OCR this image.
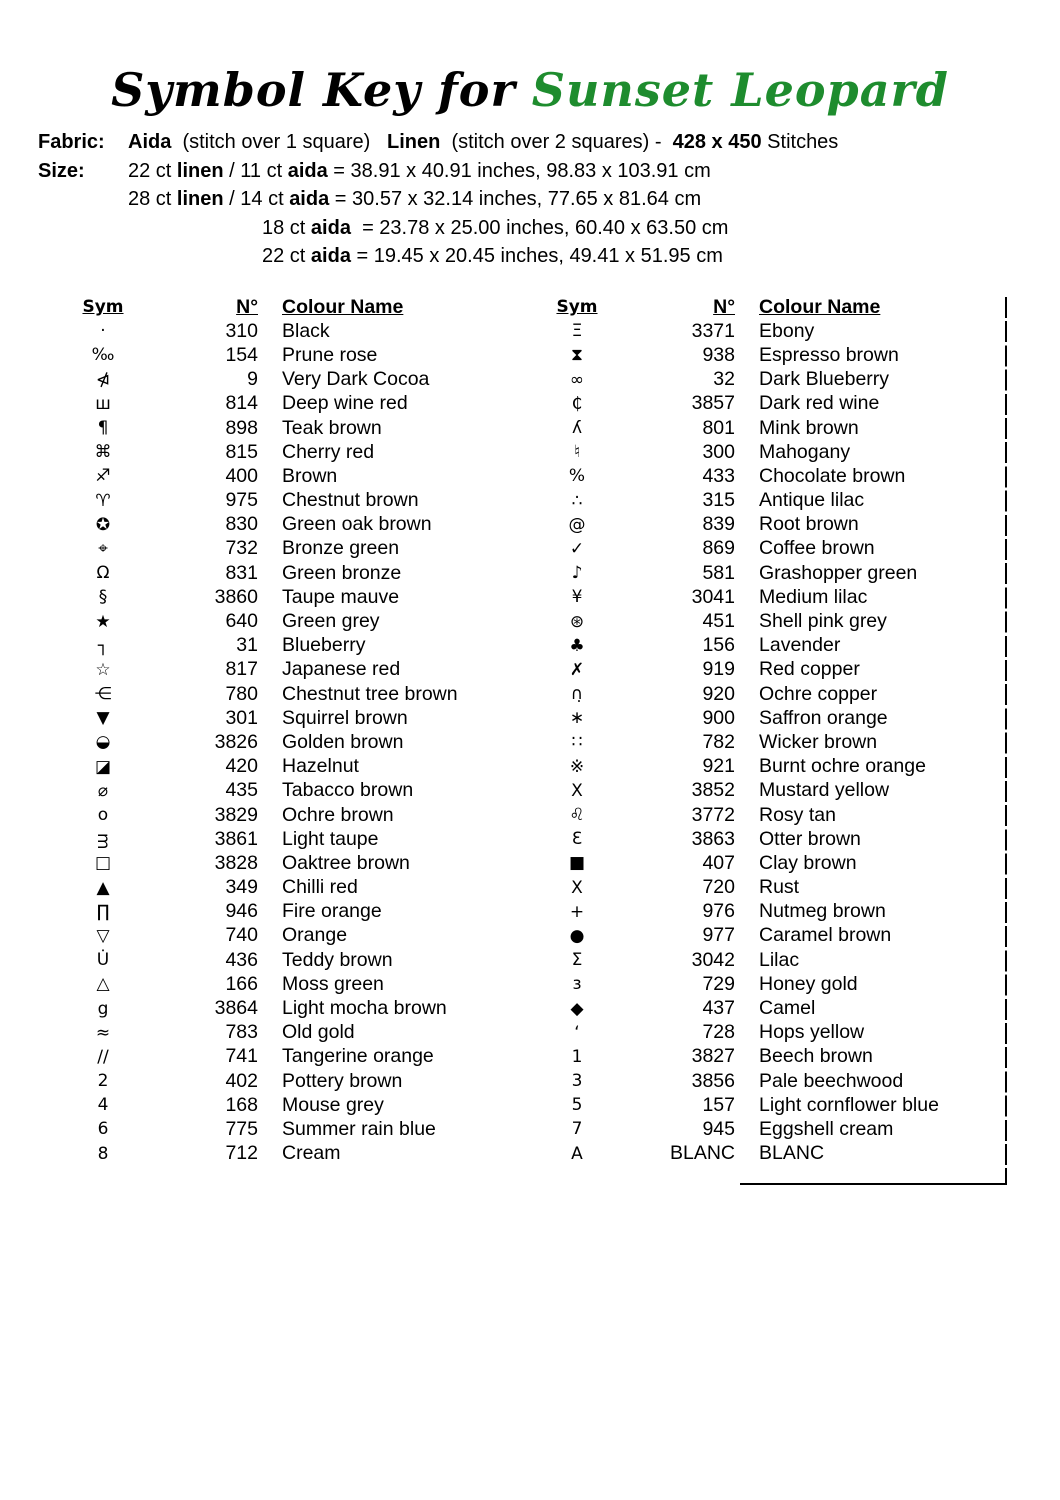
Symbol Key for Sunset Leopard
Fabric:	Aida  (stitch over 1 square)   Linen  (stitch over 2 squares) -  428 x 450 Stitches
Size:	22 ct linen / 11 ct aida = 38.91 x 40.91 inches, 98.83 x 103.91 cm
28 ct linen / 14 ct aida = 30.57 x 32.14 inches, 77.65 x 81.64 cm
18 ct aida  = 23.78 x 25.00 inches, 60.40 x 63.50 cm
22 ct aida = 19.45 x 20.45 inches, 49.41 x 51.95 cm
Sym	N°	Colour Name
·	310	Black
‰	154	Prune rose
⋪	9	Very Dark Cocoa
ш	814	Deep wine red
¶	898	Teak brown
⌘	815	Cherry red
♐	400	Brown
♈	975	Chestnut brown
✪	830	Green oak brown
⌖	732	Bronze green
Ω	831	Green bronze
§	3860	Taupe mauve
★	640	Green grey
┐	31	Blueberry
☆	817	Japanese red
⋲	780	Chestnut tree brown
▼	301	Squirrel brown
◒	3826	Golden brown
◪	420	Hazelnut
⌀	435	Tabacco brown
o	3829	Ochre brown
ᴟ	3861	Light taupe
□	3828	Oaktree brown
▲	349	Chilli red
∏	946	Fire orange
▽	740	Orange
U̇	436	Teddy brown
△	166	Moss green
g	3864	Light mocha brown
≈	783	Old gold
∕∕	741	Tangerine orange
2	402	Pottery brown
4	168	Mouse grey
6	775	Summer rain blue
8	712	Cream
Sym	N°	Colour Name
Ξ	3371	Ebony
⧗	938	Espresso brown
∞	32	Dark Blueberry
₵	3857	Dark red wine
ʎ	801	Mink brown
♮	300	Mahogany
%	433	Chocolate brown
∴	315	Antique lilac
@	839	Root brown
✓	869	Coffee brown
♪	581	Grashopper green
¥	3041	Medium lilac
⊛	451	Shell pink grey
♣	156	Lavender
✗	919	Red copper
∩̣	920	Ochre copper
∗	900	Saffron orange
∷	782	Wicker brown
※	921	Burnt ochre orange
X	3852	Mustard yellow
♌	3772	Rosy tan
Ɛ	3863	Otter brown
■	407	Clay brown
Ⅹ	720	Rust
+	976	Nutmeg brown
●	977	Caramel brown
Σ	3042	Lilac
ɜ	729	Honey gold
◆	437	Camel
‘	728	Hops yellow
1	3827	Beech brown
3	3856	Pale beechwood
5	157	Light cornflower blue
7	945	Eggshell cream
A	BLANC	BLANC
